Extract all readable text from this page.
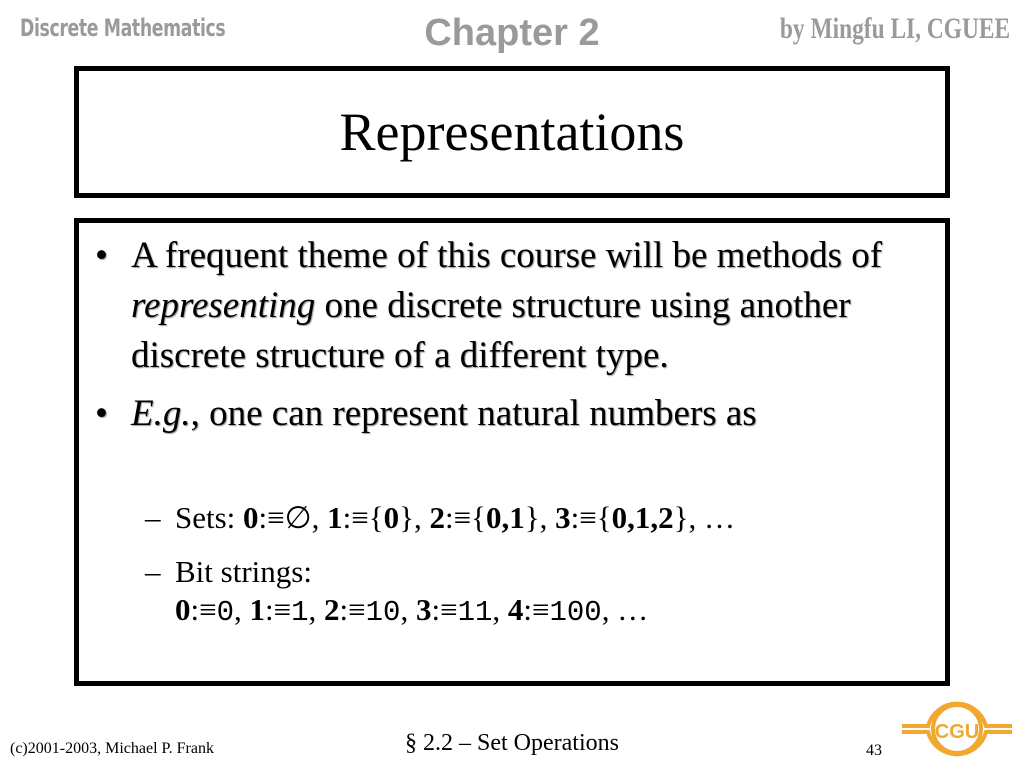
Discrete Mathematics	Chapter 2	by Mingfu LI, CGUEE
Representations
• A frequent theme of this course will be methods of representing one discrete structure using another discrete structure of a different type.
• E.g., one can represent natural numbers as
– Sets: 0:≡∅, 1:≡{0}, 2:≡{0,1}, 3:≡{0,1,2}, …
– Bit strings:
0:≡0, 1:≡1, 2:≡10, 3:≡11, 4:≡100, …
(c)2001-2003, Michael P. Frank	§ 2.2 – Set Operations	43
CGU
